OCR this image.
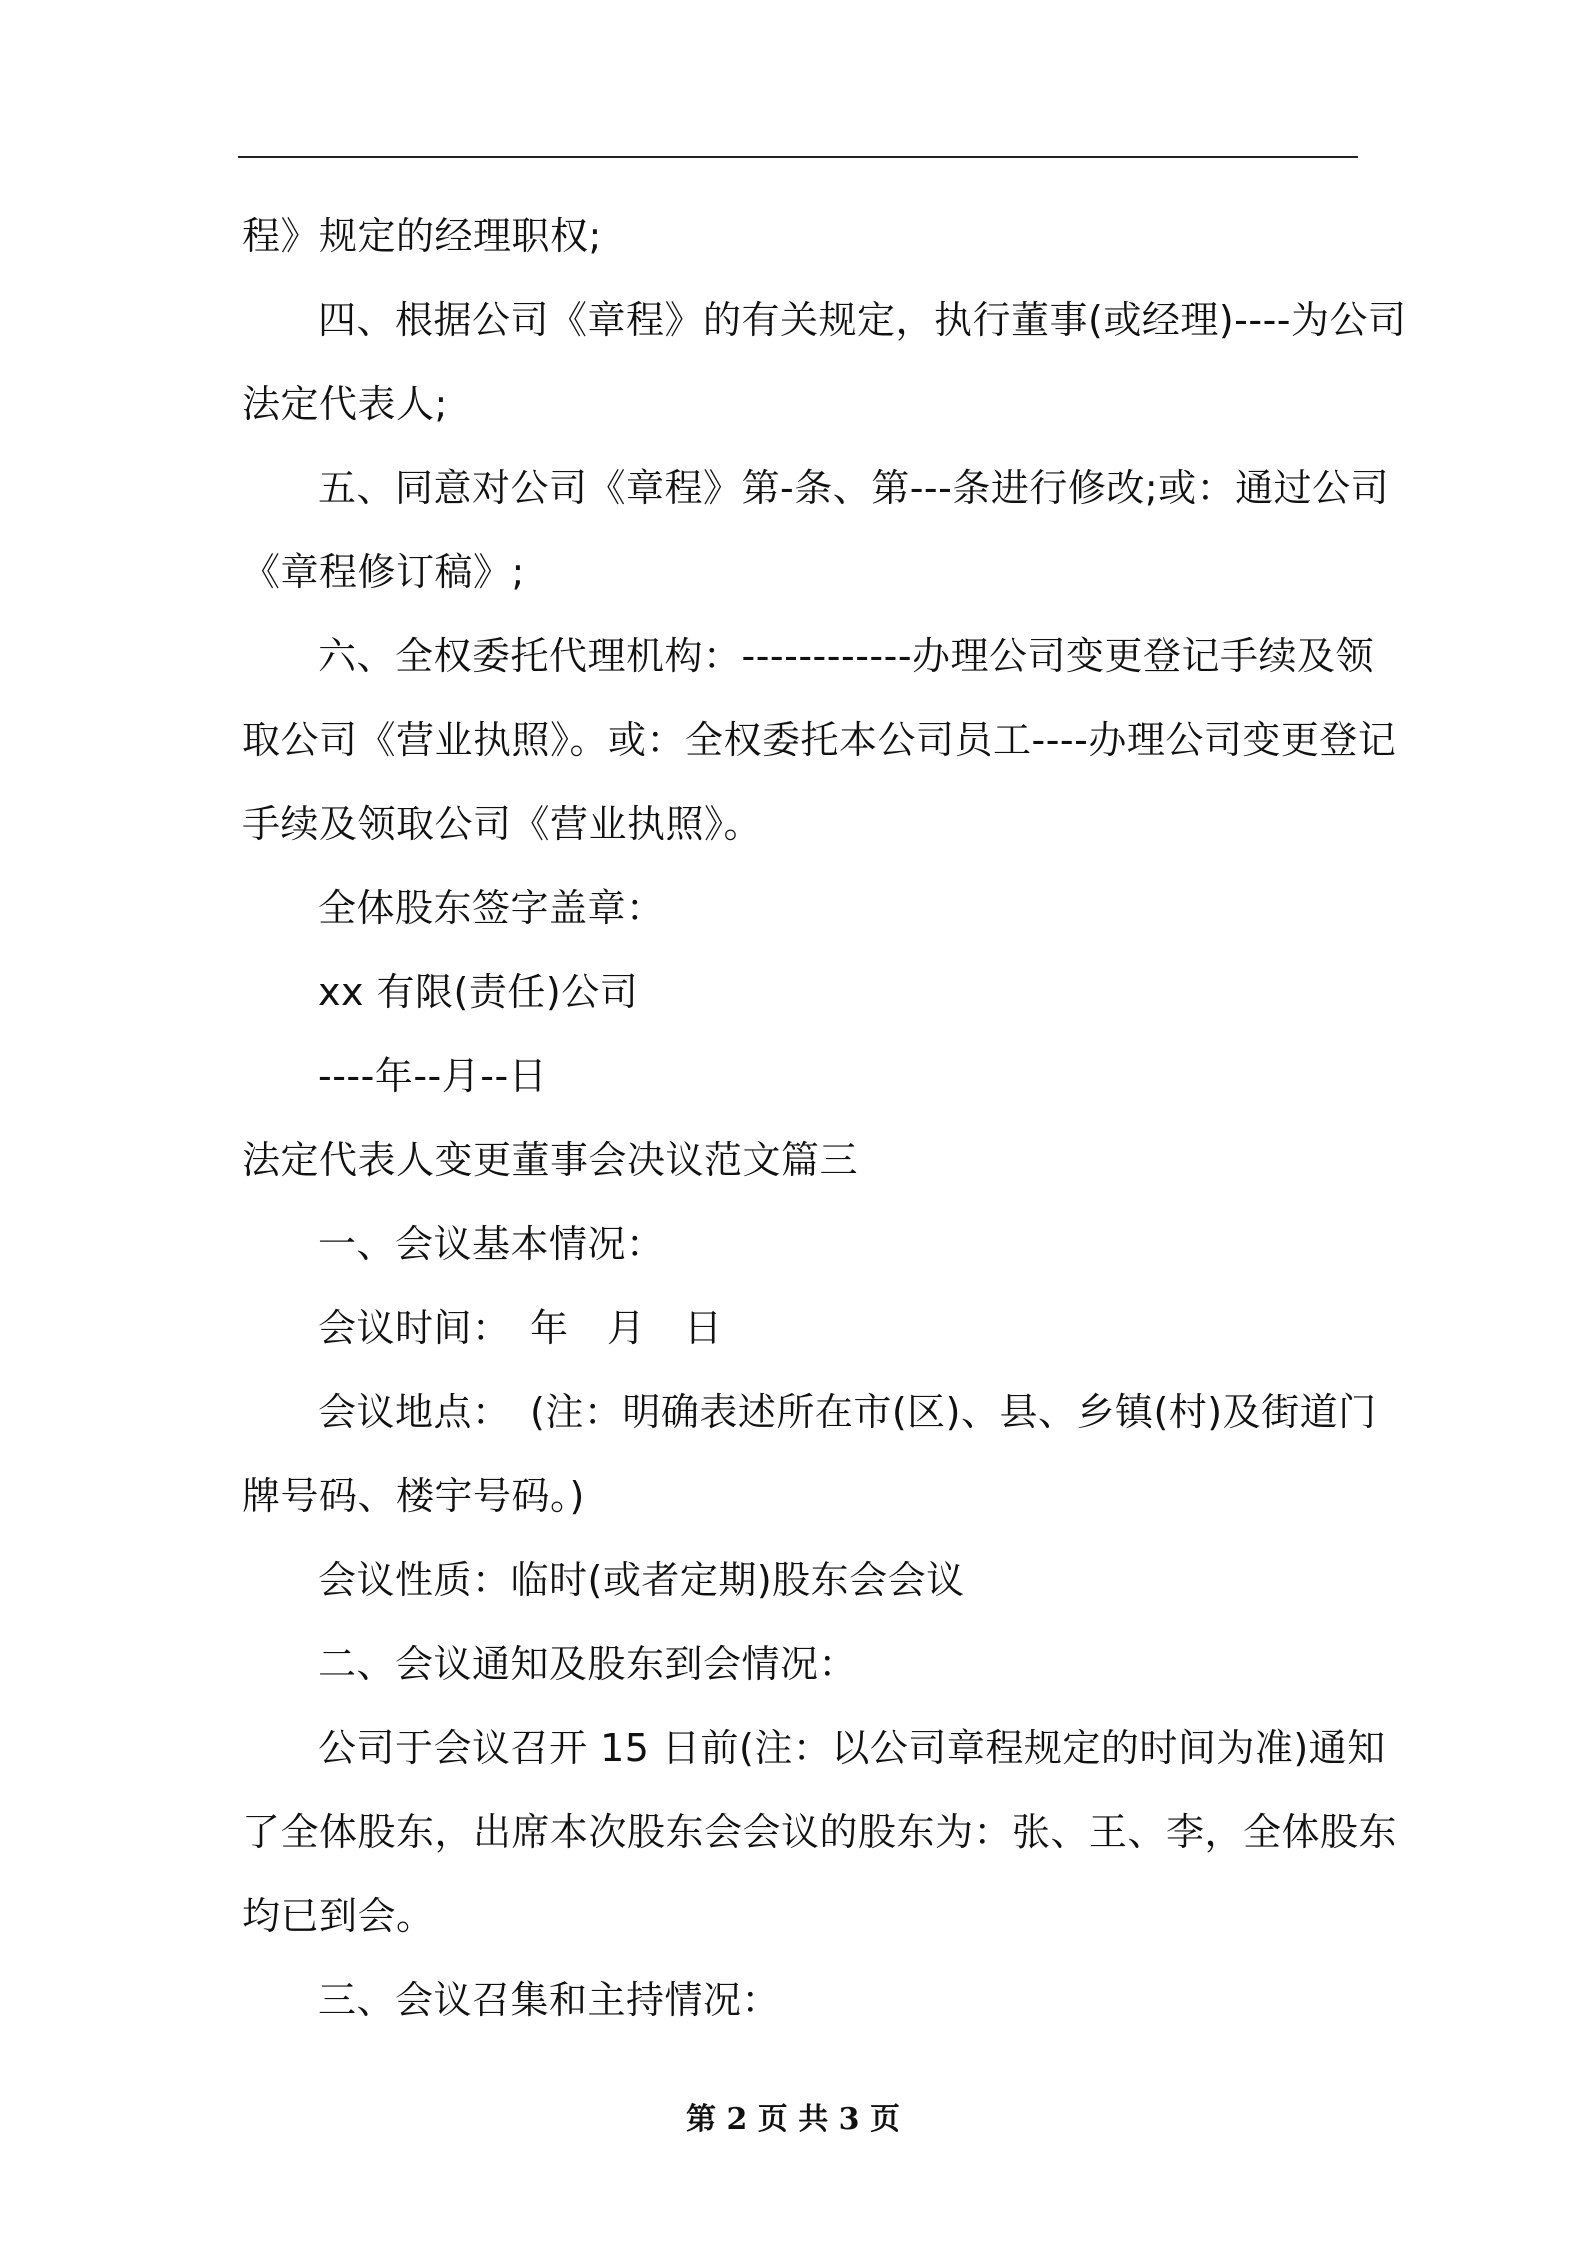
程》规定的经理职权;
四、根据公司《章程》的有关规定，执行董事(或经理)----为公司
法定代表人;
五、同意对公司《章程》第-条、第---条进行修改;或：通过公司
《章程修订稿》;
六、全权委托代理机构：------------办理公司变更登记手续及领
取公司《营业执照》。或：全权委托本公司员工----办理公司变更登记
手续及领取公司《营业执照》。
全体股东签字盖章：
xx 有限(责任)公司
----年--月--日
法定代表人变更董事会决议范文篇三
一、会议基本情况：
会议时间：　年　月　日
会议地点：　(注：明确表述所在市(区)、县、乡镇(村)及街道门
牌号码、楼宇号码。)
会议性质：临时(或者定期)股东会会议
二、会议通知及股东到会情况：
公司于会议召开 15 日前(注：以公司章程规定的时间为准)通知
了全体股东，出席本次股东会会议的股东为：张、王、李，全体股东
均已到会。
三、会议召集和主持情况：
第 2 页 共 3 页
